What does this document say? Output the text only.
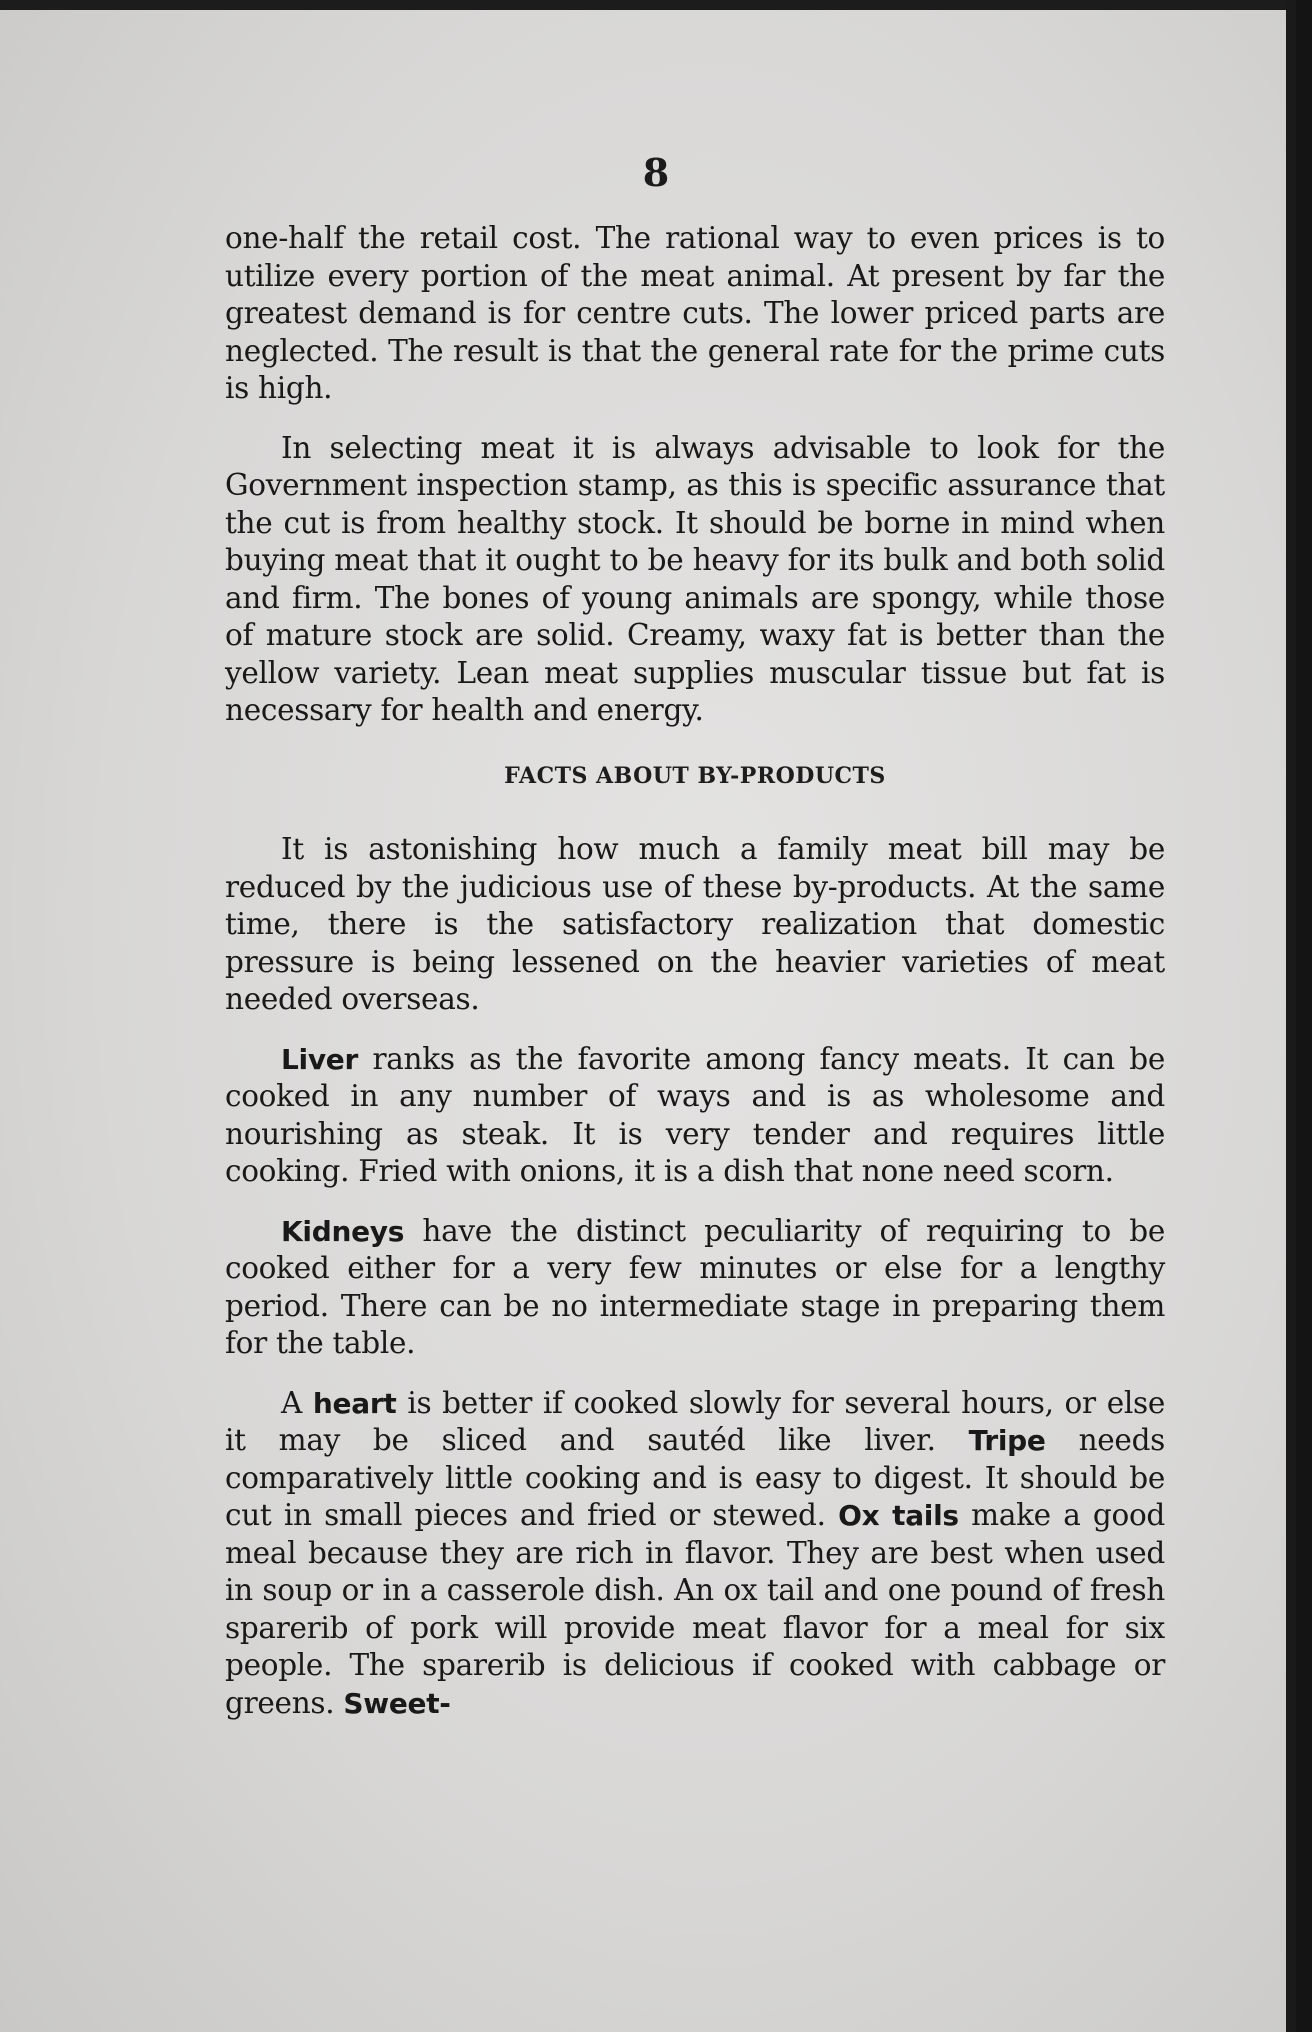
8

one-half the retail cost. The rational way to even prices is to utilize every portion of the meat animal. At present by far the greatest demand is for centre cuts. The lower priced parts are neglected. The result is that the general rate for the prime cuts is high.

In selecting meat it is always advisable to look for the Government inspection stamp, as this is specific assurance that the cut is from healthy stock. It should be borne in mind when buying meat that it ought to be heavy for its bulk and both solid and firm. The bones of young animals are spongy, while those of mature stock are solid. Creamy, waxy fat is better than the yellow variety. Lean meat supplies muscular tissue but fat is necessary for health and energy.

FACTS ABOUT BY-PRODUCTS

It is astonishing how much a family meat bill may be reduced by the judicious use of these by-products. At the same time, there is the satisfactory realization that domestic pressure is being lessened on the heavier varieties of meat needed overseas.

Liver ranks as the favorite among fancy meats. It can be cooked in any number of ways and is as wholesome and nourishing as steak. It is very tender and requires little cooking. Fried with onions, it is a dish that none need scorn.

Kidneys have the distinct peculiarity of requiring to be cooked either for a very few minutes or else for a lengthy period. There can be no intermediate stage in preparing them for the table.

A heart is better if cooked slowly for several hours, or else it may be sliced and sautéd like liver. Tripe needs comparatively little cooking and is easy to digest. It should be cut in small pieces and fried or stewed. Ox tails make a good meal because they are rich in flavor. They are best when used in soup or in a casserole dish. An ox tail and one pound of fresh sparerib of pork will provide meat flavor for a meal for six people. The sparerib is delicious if cooked with cabbage or greens. Sweet-
